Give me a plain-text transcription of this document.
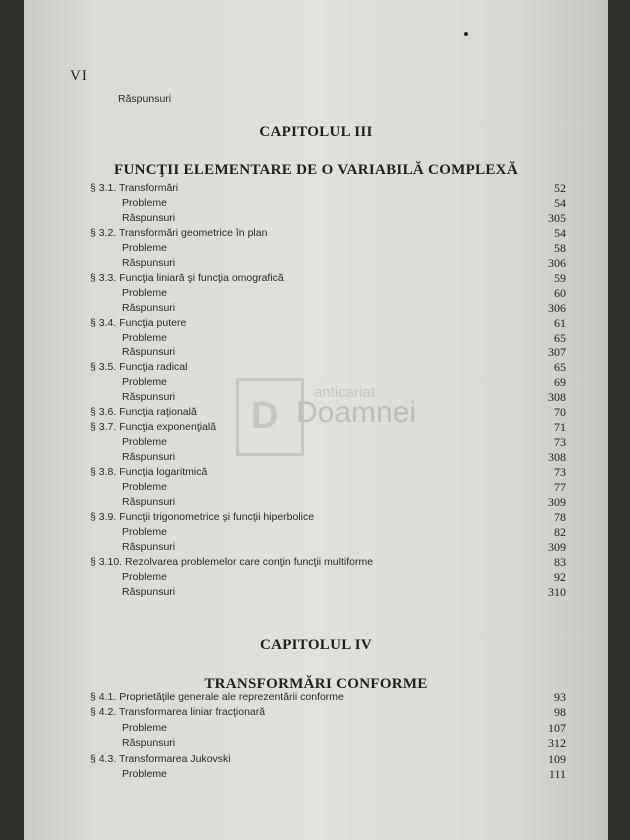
VI
Răspunsuri
CAPITOLUL III
FUNCŢII ELEMENTARE DE O VARIABILĂ COMPLEXĂ
§ 3.1. Transformări	52
Probleme	54
Răspunsuri	305
§ 3.2. Transformări geometrice în plan	54
Probleme	58
Răspunsuri	306
§ 3.3. Funcţia liniară şi funcţia omografică	59
Probleme	60
Răspunsuri	306
§ 3.4. Funcţia putere	61
Probleme	65
Răspunsuri	307
§ 3.5. Funcţia radical	65
Probleme	69
Răspunsuri	308
§ 3.6. Funcţia raţională	70
§ 3.7. Funcţia exponenţială	71
Probleme	73
Răspunsuri	308
§ 3.8. Funcţia logaritmică	73
Probleme	77
Răspunsuri	309
§ 3.9. Funcţii trigonometrice şi funcţii hiperbolice	78
Probleme	82
Răspunsuri	309
§ 3.10. Rezolvarea problemelor care conţin funcţii multiforme	83
Probleme	92
Răspunsuri	310
CAPITOLUL IV
TRANSFORMĂRI CONFORME
§ 4.1. Proprietăţile generale ale reprezentării conforme	93
§ 4.2. Transformarea liniar fracţionară	98
Probleme	107
Răspunsuri	312
§ 4.3. Transformarea Jukovski	109
Probleme	111
D
anticariat
Doamnei
